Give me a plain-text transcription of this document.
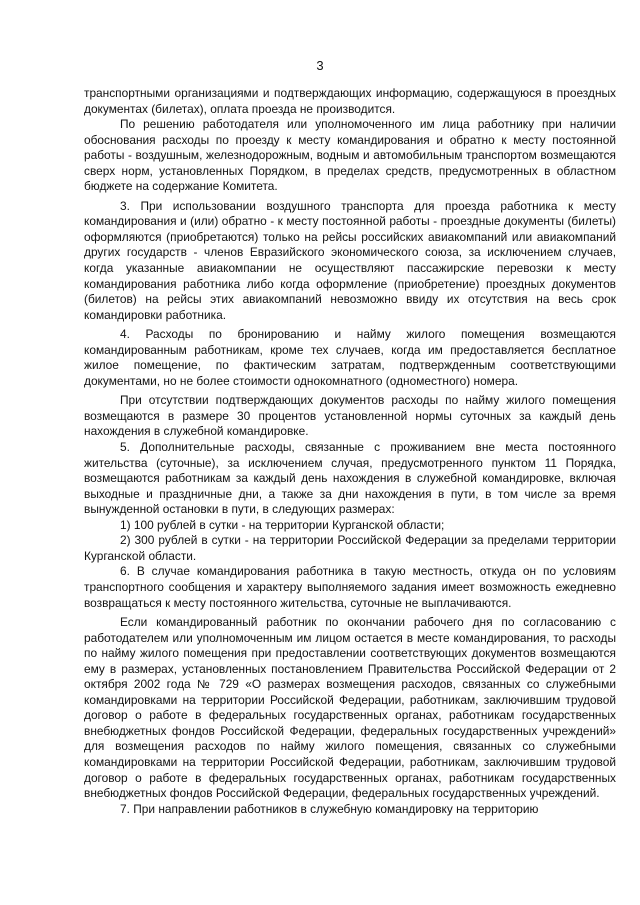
3

транспортными организациями и подтверждающих информацию, содержащуюся в проездных документах (билетах), оплата проезда не производится.

По решению работодателя или уполномоченного им лица работнику при наличии обоснования расходы по проезду к месту командирования и обратно к месту постоянной работы - воздушным, железнодорожным, водным и автомобильным транспортом возмещаются сверх норм, установленных Порядком, в пределах средств, предусмотренных в областном бюджете на содержание Комитета.

3. При использовании воздушного транспорта для проезда работника к месту командирования и (или) обратно - к месту постоянной работы - проездные документы (билеты) оформляются (приобретаются) только на рейсы российских авиакомпаний или авиакомпаний других государств - членов Евразийского экономического союза, за исключением случаев, когда указанные авиакомпании не осуществляют пассажирские перевозки к месту командирования работника либо когда оформление (приобретение) проездных документов (билетов) на рейсы этих авиакомпаний невозможно ввиду их отсутствия на весь срок командировки работника.

4. Расходы по бронированию и найму жилого помещения возмещаются командированным работникам, кроме тех случаев, когда им предоставляется бесплатное жилое помещение, по фактическим затратам, подтвержденным соответствующими документами, но не более стоимости однокомнатного (одноместного) номера.

При отсутствии подтверждающих документов расходы по найму жилого помещения возмещаются в размере 30 процентов установленной нормы суточных за каждый день нахождения в служебной командировке.

5. Дополнительные расходы, связанные с проживанием вне места постоянного жительства (суточные), за исключением случая, предусмотренного пунктом 11 Порядка, возмещаются работникам за каждый день нахождения в служебной командировке, включая выходные и праздничные дни, а также за дни нахождения в пути, в том числе за время вынужденной остановки в пути, в следующих размерах:

1) 100 рублей в сутки - на территории Курганской области;

2) 300 рублей в сутки - на территории Российской Федерации за пределами территории Курганской области.

6. В случае командирования работника в такую местность, откуда он по условиям транспортного сообщения и характеру выполняемого задания имеет возможность ежедневно возвращаться к месту постоянного жительства, суточные не выплачиваются.

Если командированный работник по окончании рабочего дня по согласованию с работодателем или уполномоченным им лицом остается в месте командирования, то расходы по найму жилого помещения при предоставлении соответствующих документов возмещаются ему в размерах, установленных постановлением Правительства Российской Федерации от 2 октября 2002 года № 729 «О размерах возмещения расходов, связанных со служебными командировками на территории Российской Федерации, работникам, заключившим трудовой договор о работе в федеральных государственных органах, работникам государственных внебюджетных фондов Российской Федерации, федеральных государственных учреждений» для возмещения расходов по найму жилого помещения, связанных со служебными командировками на территории Российской Федерации, работникам, заключившим трудовой договор о работе в федеральных государственных органах, работникам государственных внебюджетных фондов Российской Федерации, федеральных государственных учреждений.

7. При направлении работников в служебную командировку на территорию
